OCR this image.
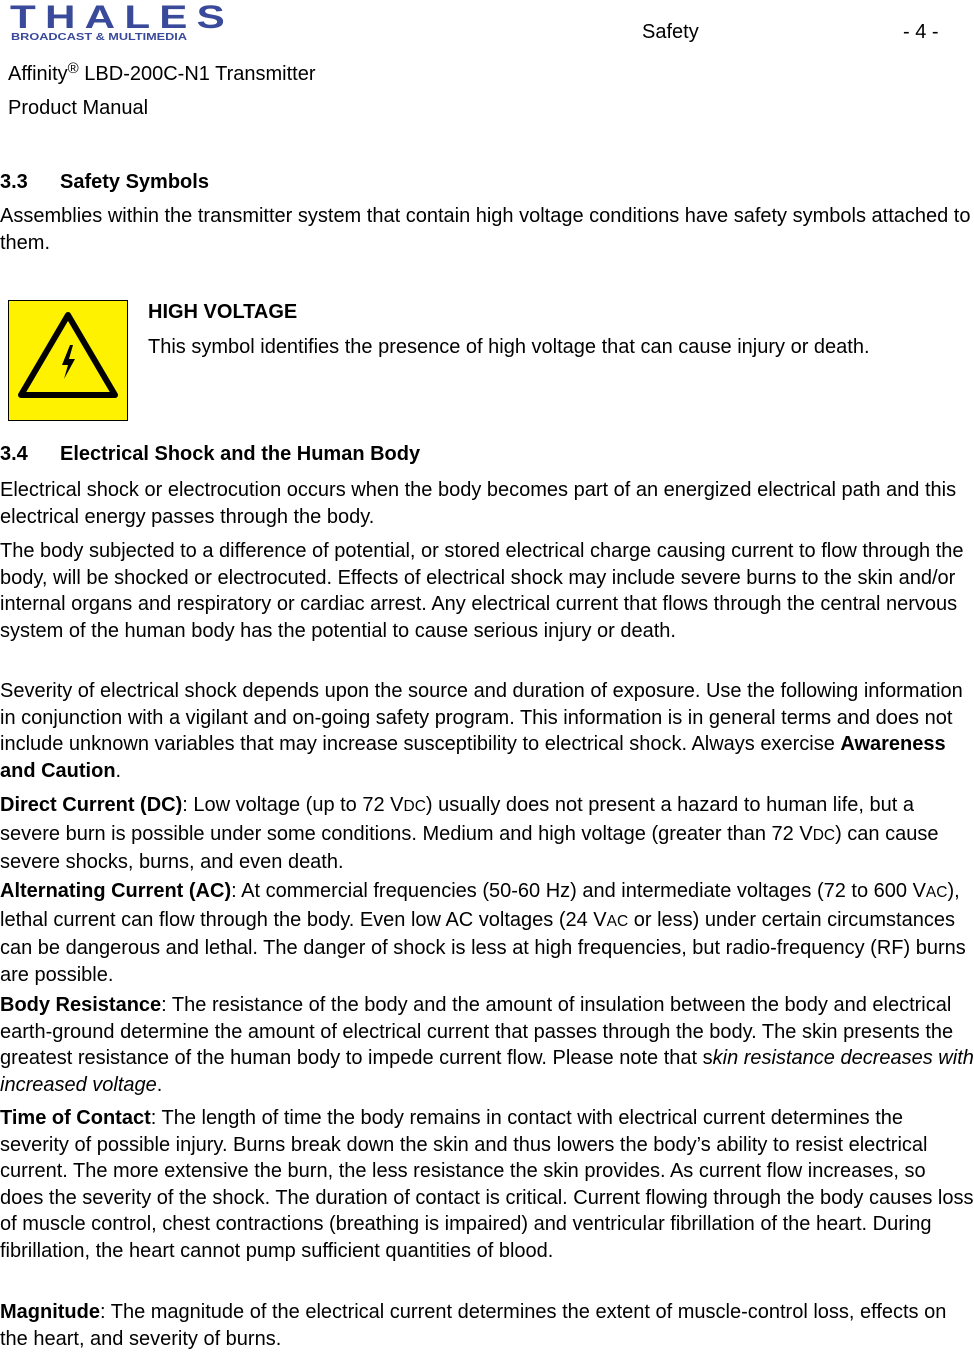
THALES
BROADCAST & MULTIMEDIA	Safety	- 4 -
Affinity® LBD-200C-N1 Transmitter
Product Manual
3.3 Safety Symbols

Assemblies within the transmitter system that contain high voltage conditions have safety symbols attached to them.

HIGH VOLTAGE
This symbol identifies the presence of high voltage that can cause injury or death.
3.4 Electrical Shock and the Human Body

Electrical shock or electrocution occurs when the body becomes part of an energized electrical path and this electrical energy passes through the body.

The body subjected to a difference of potential, or stored electrical charge causing current to flow through the body, will be shocked or electrocuted. Effects of electrical shock may include severe burns to the skin and/or internal organs and respiratory or cardiac arrest. Any electrical current that flows through the central nervous system of the human body has the potential to cause serious injury or death.

Severity of electrical shock depends upon the source and duration of exposure. Use the following information in conjunction with a vigilant and on-going safety program. This information is in general terms and does not include unknown variables that may increase susceptibility to electrical shock. Always exercise Awareness and Caution.

Direct Current (DC): Low voltage (up to 72 VDC) usually does not present a hazard to human life, but a severe burn is possible under some conditions. Medium and high voltage (greater than 72 VDC) can cause severe shocks, burns, and even death.

Alternating Current (AC): At commercial frequencies (50-60 Hz) and intermediate voltages (72 to 600 VAC), lethal current can flow through the body. Even low AC voltages (24 VAC or less) under certain circumstances can be dangerous and lethal. The danger of shock is less at high frequencies, but radio-frequency (RF) burns are possible.

Body Resistance: The resistance of the body and the amount of insulation between the body and electrical earth-ground determine the amount of electrical current that passes through the body. The skin presents the greatest resistance of the human body to impede current flow. Please note that skin resistance decreases with increased voltage.

Time of Contact: The length of time the body remains in contact with electrical current determines the severity of possible injury. Burns break down the skin and thus lowers the body’s ability to resist electrical current. The more extensive the burn, the less resistance the skin provides. As current flow increases, so does the severity of the shock. The duration of contact is critical. Current flowing through the body causes loss of muscle control, chest contractions (breathing is impaired) and ventricular fibrillation of the heart. During fibrillation, the heart cannot pump sufficient quantities of blood.

Magnitude: The magnitude of the electrical current determines the extent of muscle-control loss, effects on the heart, and severity of burns.
